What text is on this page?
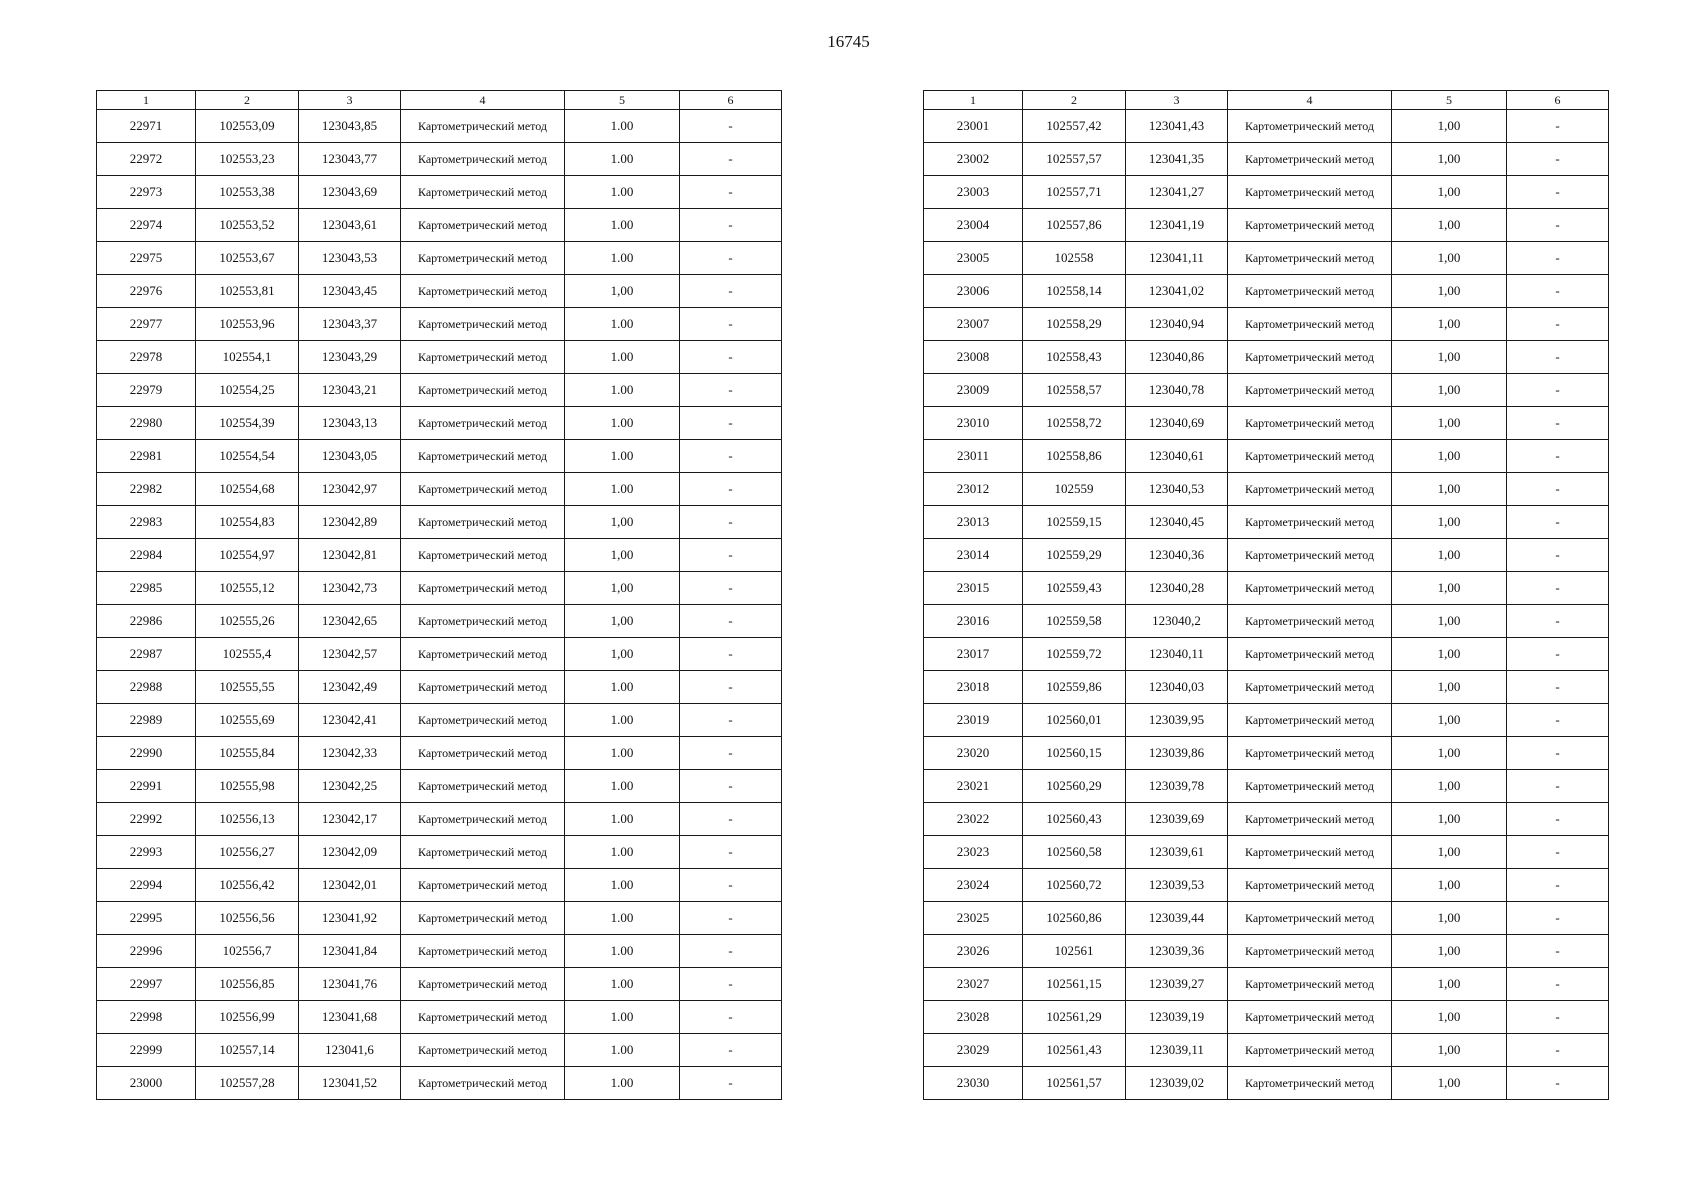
16745
1	2	3	4	5	6
22971	102553,09	123043,85	Картометрический метод	1.00	-
22972	102553,23	123043,77	Картометрический метод	1.00	-
22973	102553,38	123043,69	Картометрический метод	1.00	-
22974	102553,52	123043,61	Картометрический метод	1.00	-
22975	102553,67	123043,53	Картометрический метод	1.00	-
22976	102553,81	123043,45	Картометрический метод	1,00	-
22977	102553,96	123043,37	Картометрический метод	1.00	-
22978	102554,1	123043,29	Картометрический метод	1.00	-
22979	102554,25	123043,21	Картометрический метод	1.00	-
22980	102554,39	123043,13	Картометрический метод	1.00	-
22981	102554,54	123043,05	Картометрический метод	1.00	-
22982	102554,68	123042,97	Картометрический метод	1.00	-
22983	102554,83	123042,89	Картометрический метод	1,00	-
22984	102554,97	123042,81	Картометрический метод	1,00	-
22985	102555,12	123042,73	Картометрический метод	1,00	-
22986	102555,26	123042,65	Картометрический метод	1,00	-
22987	102555,4	123042,57	Картометрический метод	1,00	-
22988	102555,55	123042,49	Картометрический метод	1.00	-
22989	102555,69	123042,41	Картометрический метод	1.00	-
22990	102555,84	123042,33	Картометрический метод	1.00	-
22991	102555,98	123042,25	Картометрический метод	1.00	-
22992	102556,13	123042,17	Картометрический метод	1.00	-
22993	102556,27	123042,09	Картометрический метод	1.00	-
22994	102556,42	123042,01	Картометрический метод	1.00	-
22995	102556,56	123041,92	Картометрический метод	1.00	-
22996	102556,7	123041,84	Картометрический метод	1.00	-
22997	102556,85	123041,76	Картометрический метод	1.00	-
22998	102556,99	123041,68	Картометрический метод	1.00	-
22999	102557,14	123041,6	Картометрический метод	1.00	-
23000	102557,28	123041,52	Картометрический метод	1.00	-
1	2	3	4	5	6
23001	102557,42	123041,43	Картометрический метод	1,00	-
23002	102557,57	123041,35	Картометрический метод	1,00	-
23003	102557,71	123041,27	Картометрический метод	1,00	-
23004	102557,86	123041,19	Картометрический метод	1,00	-
23005	102558	123041,11	Картометрический метод	1,00	-
23006	102558,14	123041,02	Картометрический метод	1,00	-
23007	102558,29	123040,94	Картометрический метод	1,00	-
23008	102558,43	123040,86	Картометрический метод	1,00	-
23009	102558,57	123040,78	Картометрический метод	1,00	-
23010	102558,72	123040,69	Картометрический метод	1,00	-
23011	102558,86	123040,61	Картометрический метод	1,00	-
23012	102559	123040,53	Картометрический метод	1,00	-
23013	102559,15	123040,45	Картометрический метод	1,00	-
23014	102559,29	123040,36	Картометрический метод	1,00	-
23015	102559,43	123040,28	Картометрический метод	1,00	-
23016	102559,58	123040,2	Картометрический метод	1,00	-
23017	102559,72	123040,11	Картометрический метод	1,00	-
23018	102559,86	123040,03	Картометрический метод	1,00	-
23019	102560,01	123039,95	Картометрический метод	1,00	-
23020	102560,15	123039,86	Картометрический метод	1,00	-
23021	102560,29	123039,78	Картометрический метод	1,00	-
23022	102560,43	123039,69	Картометрический метод	1,00	-
23023	102560,58	123039,61	Картометрический метод	1,00	-
23024	102560,72	123039,53	Картометрический метод	1,00	-
23025	102560,86	123039,44	Картометрический метод	1,00	-
23026	102561	123039,36	Картометрический метод	1,00	-
23027	102561,15	123039,27	Картометрический метод	1,00	-
23028	102561,29	123039,19	Картометрический метод	1,00	-
23029	102561,43	123039,11	Картометрический метод	1,00	-
23030	102561,57	123039,02	Картометрический метод	1,00	-
